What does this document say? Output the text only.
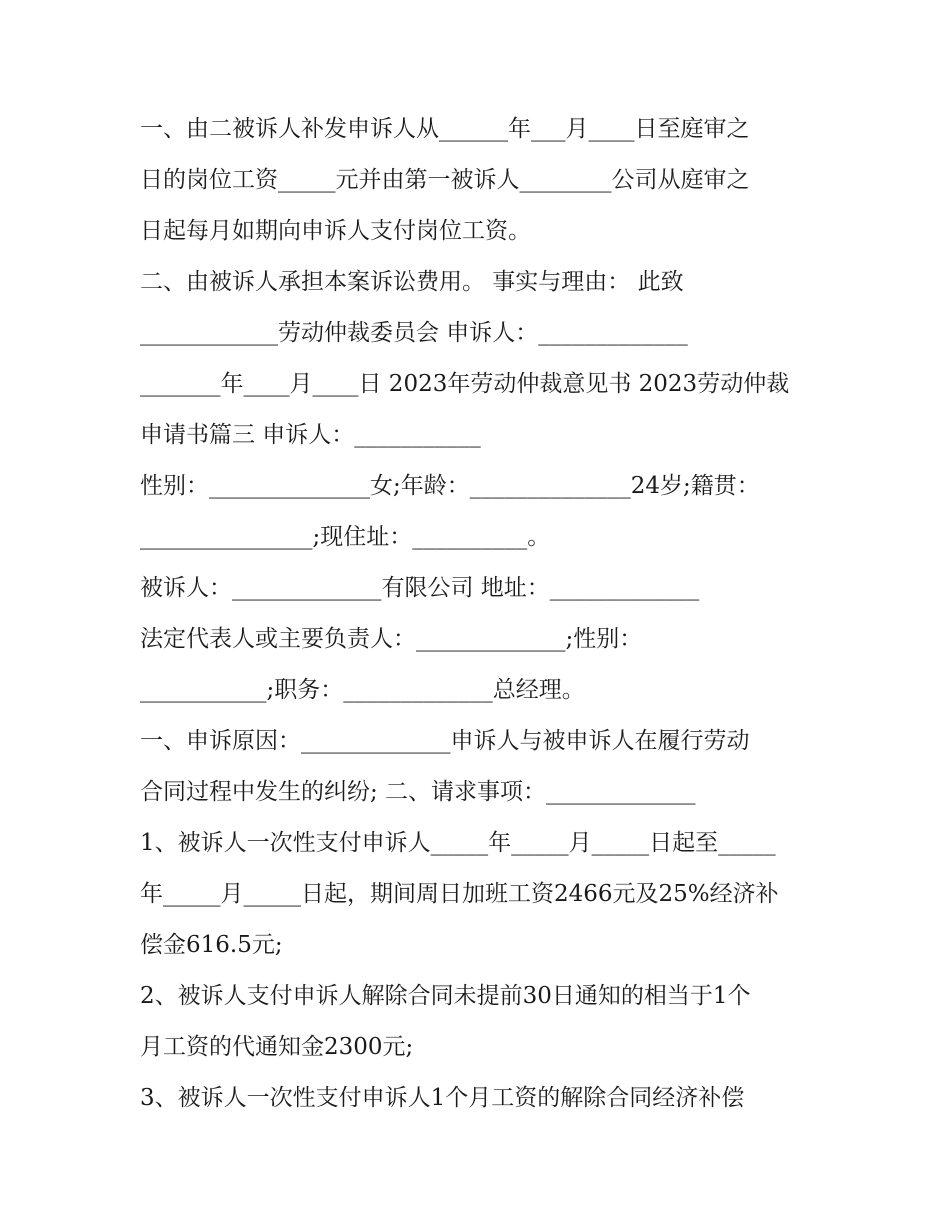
一、由二被诉人补发申诉人从______年___月____日至庭审之
日的岗位工资_____元并由第一被诉人________公司从庭审之
日起每月如期向申诉人支付岗位工资。
二、由被诉人承担本案诉讼费用。 事实与理由： 此致
____________劳动仲裁委员会 申诉人：_____________
_______年____月____日 2023年劳动仲裁意见书 2023劳动仲裁
申请书篇三 申诉人：___________
性别：______________女;年龄：______________24岁;籍贯：
_______________;现住址：__________。
被诉人：_____________有限公司 地址：_____________
法定代表人或主要负责人：_____________;性别：
___________;职务：_____________总经理。
一、申诉原因：_____________申诉人与被申诉人在履行劳动
合同过程中发生的纠纷; 二、请求事项：_____________
1、被诉人一次性支付申诉人_____年_____月_____日起至_____
年_____月_____日起，期间周日加班工资2466元及25%经济补
偿金616.5元;
2、被诉人支付申诉人解除合同未提前30日通知的相当于1个
月工资的代通知金2300元;
3、被诉人一次性支付申诉人1个月工资的解除合同经济补偿
